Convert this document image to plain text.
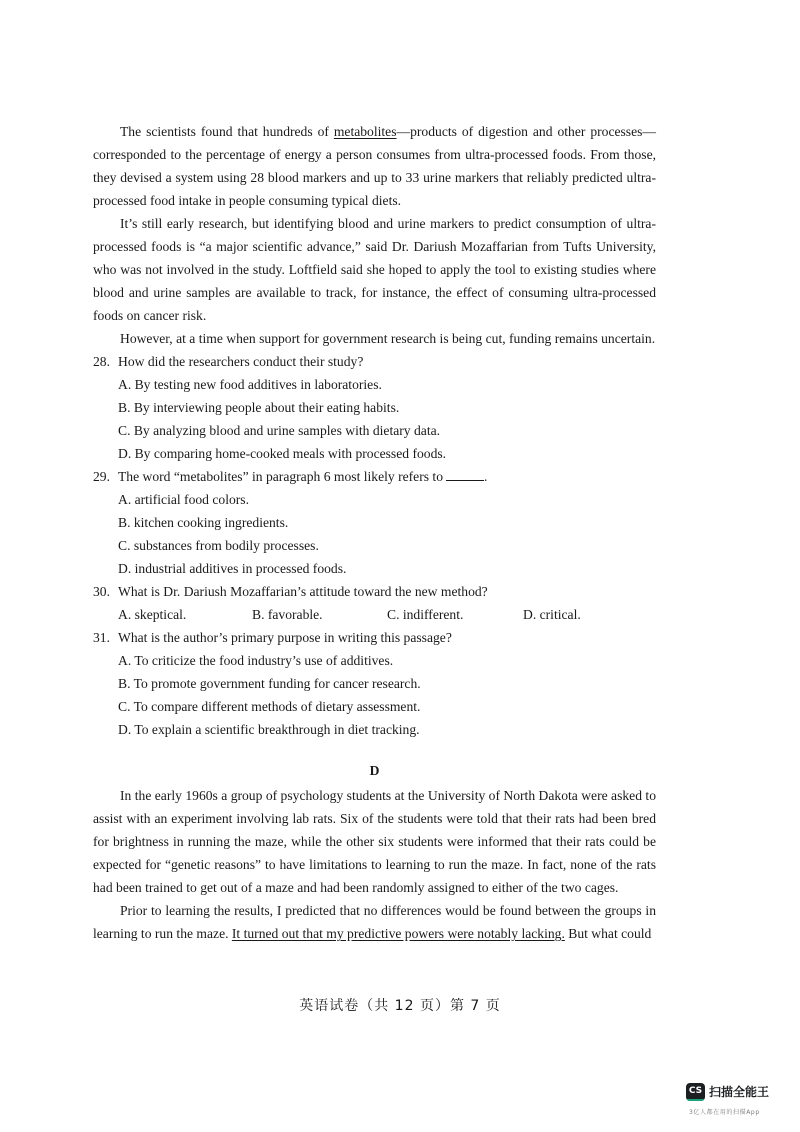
The scientists found that hundreds of metabolites—products of digestion and other processes—corresponded to the percentage of energy a person consumes from ultra-processed foods. From those, they devised a system using 28 blood markers and up to 33 urine markers that reliably predicted ultra-processed food intake in people consuming typical diets.

It’s still early research, but identifying blood and urine markers to predict consumption of ultra-processed foods is “a major scientific advance,” said Dr. Dariush Mozaffarian from Tufts University, who was not involved in the study. Loftfield said she hoped to apply the tool to existing studies where blood and urine samples are available to track, for instance, the effect of consuming ultra-processed foods on cancer risk.

However, at a time when support for government research is being cut, funding remains uncertain.

28. How did the researchers conduct their study?

A. By testing new food additives in laboratories.

B. By interviewing people about their eating habits.

C. By analyzing blood and urine samples with dietary data.

D. By comparing home-cooked meals with processed foods.

29. The word “metabolites” in paragraph 6 most likely refers to	.

A. artificial food colors.

B. kitchen cooking ingredients.

C. substances from bodily processes.

D. industrial additives in processed foods.

30. What is Dr. Dariush Mozaffarian’s attitude toward the new method?

A. skeptical.	B. favorable.	C. indifferent.	D. critical.

31. What is the author’s primary purpose in writing this passage?

A. To criticize the food industry’s use of additives.

B. To promote government funding for cancer research.

C. To compare different methods of dietary assessment.

D. To explain a scientific breakthrough in diet tracking.

D

In the early 1960s a group of psychology students at the University of North Dakota were asked to assist with an experiment involving lab rats. Six of the students were told that their rats had been bred for brightness in running the maze, while the other six students were informed that their rats could be expected for “genetic reasons” to have limitations to learning to run the maze. In fact, none of the rats had been trained to get out of a maze and had been randomly assigned to either of the two cages.

Prior to learning the results, I predicted that no differences would be found between the groups in learning to run the maze. It turned out that my predictive powers were notably lacking. But what could

英语试卷（共 12 页）第 7 页
CS 扫描全能王
3亿人都在用的扫描App
